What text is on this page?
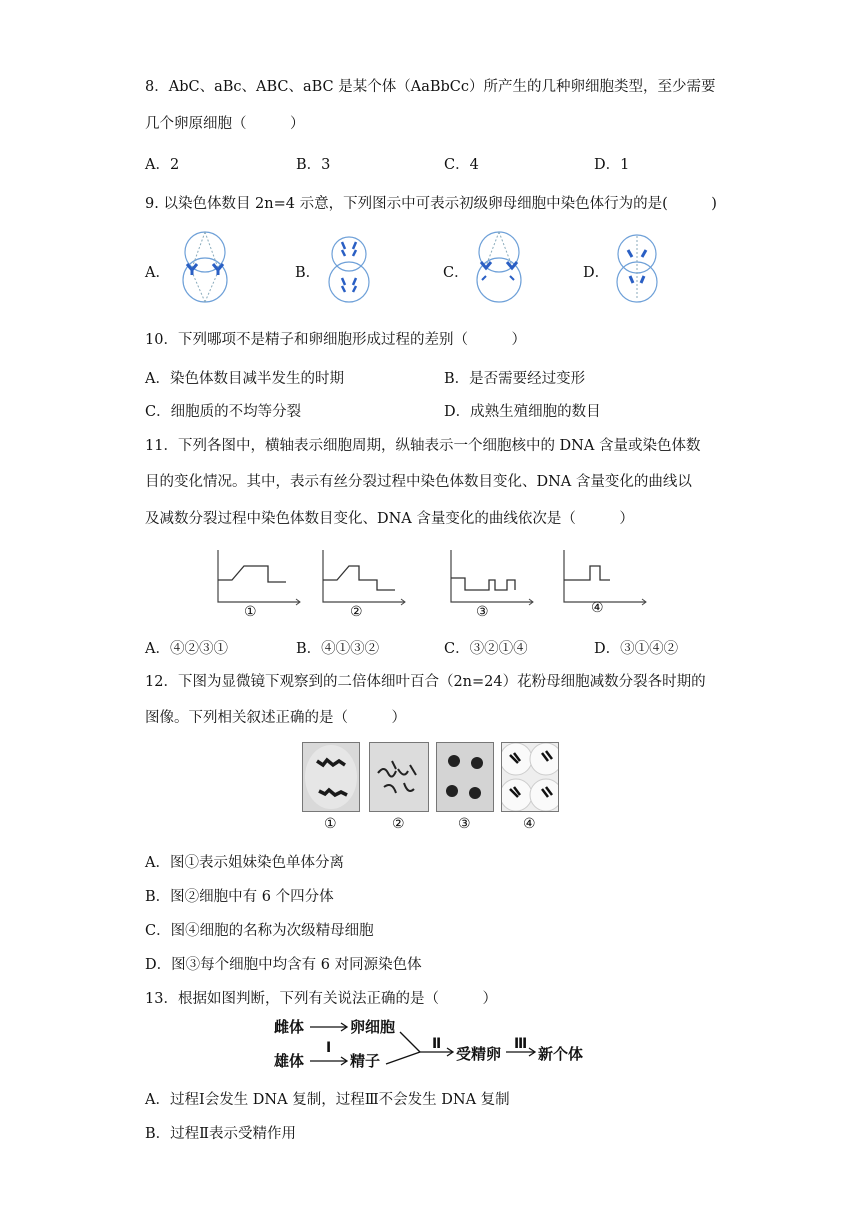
8．AbC、aBc、ABC、aBC 是某个体（AaBbCc）所产生的几种卵细胞类型，至少需要
几个卵原细胞（　　　）
A．2	B．3	C．4	D．1
9. 以染色体数目 2n=4 示意，下列图示中可表示初级卵母细胞中染色体行为的是(　　　)
A．	B．	C．	D．
10．下列哪项不是精子和卵细胞形成过程的差别（　　　）
A．染色体数目减半发生的时期	B．是否需要经过变形
C．细胞质的不均等分裂	D．成熟生殖细胞的数目
11．下列各图中，横轴表示细胞周期，纵轴表示一个细胞核中的 DNA 含量或染色体数
目的变化情况。其中，表示有丝分裂过程中染色体数目变化、DNA 含量变化的曲线以
及减数分裂过程中染色体数目变化、DNA 含量变化的曲线依次是（　　　）
①	②	③	④
A．④②③①	B．④①③②	C．③②①④	D．③①④②
12．下图为显微镜下观察到的二倍体细叶百合（2n=24）花粉母细胞减数分裂各时期的
图像。下列相关叙述正确的是（　　　）
①	②	③	④
A．图①表示姐妹染色单体分离
B．图②细胞中有 6 个四分体
C．图④细胞的名称为次级精母细胞
D．图③每个细胞中均含有 6 对同源染色体
13．根据如图判断，下列有关说法正确的是（　　　）
雌体	卵细胞
Ⅰ
雄体	精子
Ⅱ
受精卵
Ⅲ
新个体
A．过程Ⅰ会发生 DNA 复制，过程Ⅲ不会发生 DNA 复制
B．过程Ⅱ表示受精作用
